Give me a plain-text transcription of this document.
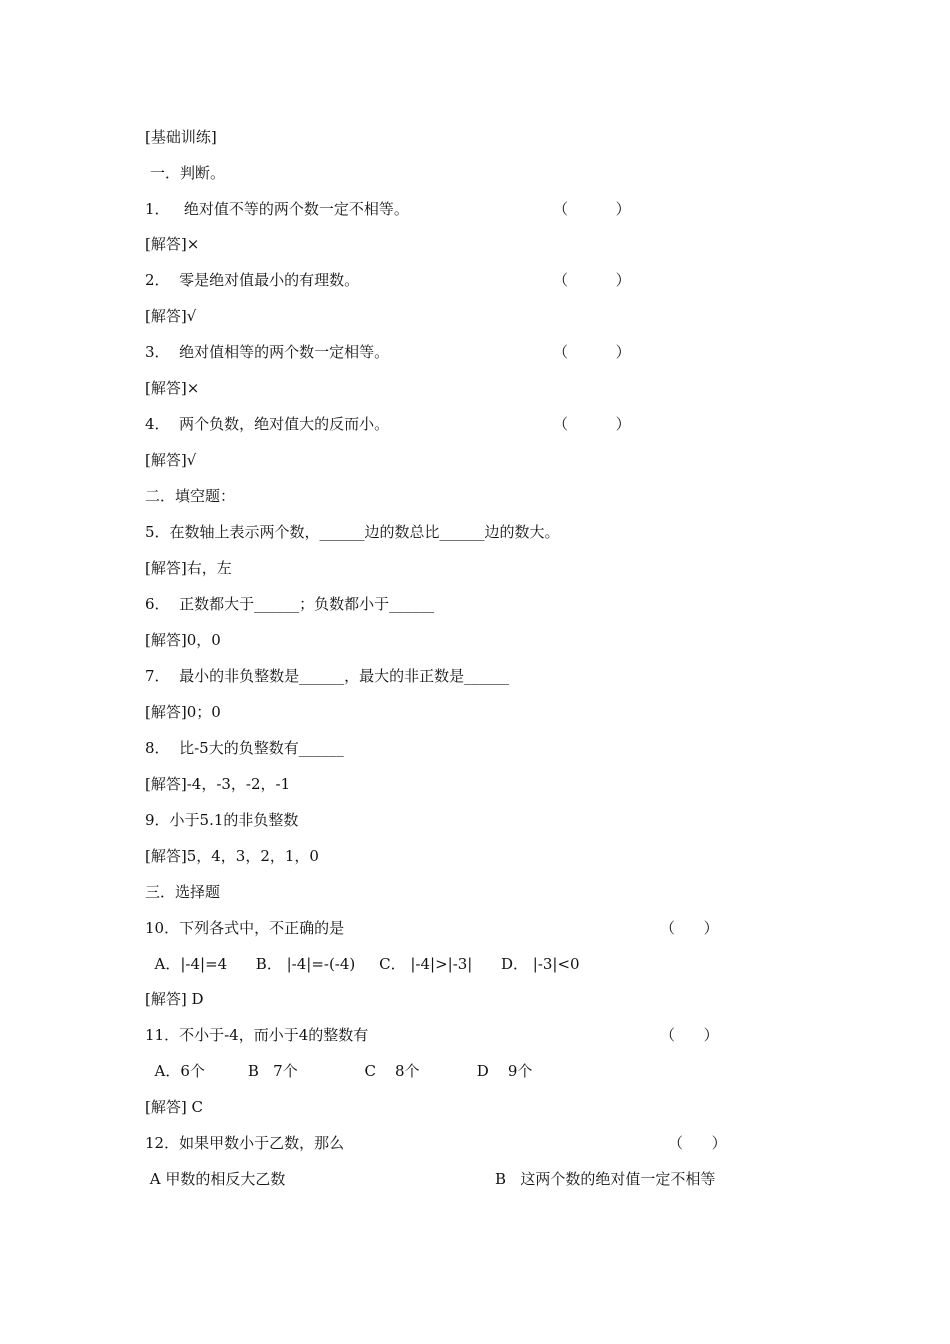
[基础训练]
一．判断。
1．   绝对值不等的两个数一定不相等。	（          ）
[解答]×
2．  零是绝对值最小的有理数。	（          ）
[解答]√
3．  绝对值相等的两个数一定相等。	（          ）
[解答]×
4．  两个负数，绝对值大的反而小。	（          ）
[解答]√
二．填空题：
5．在数轴上表示两个数，______边的数总比______边的数大。
[解答]右，左
6．  正数都大于______；负数都小于______
[解答]0，0
7．  最小的非负整数是______，最大的非正数是______
[解答]0；0
8．  比-5大的负整数有______
[解答]-4，-3，-2，-1
9．小于5.1的非负整数
[解答]5，4，3，2，1，0
三．选择题
10．下列各式中，不正确的是	（      ）
A．|-4|=4      B． |-4|=-(-4)     C． |-4|>|-3|      D． |-3|<0
[解答] D
11．不小于-4，而小于4的整数有	（      ）
A．6个         B   7个              C    8个            D    9个
[解答] C
12．如果甲数小于乙数，那么	（      ）
A 甲数的相反大乙数	B   这两个数的绝对值一定不相等
